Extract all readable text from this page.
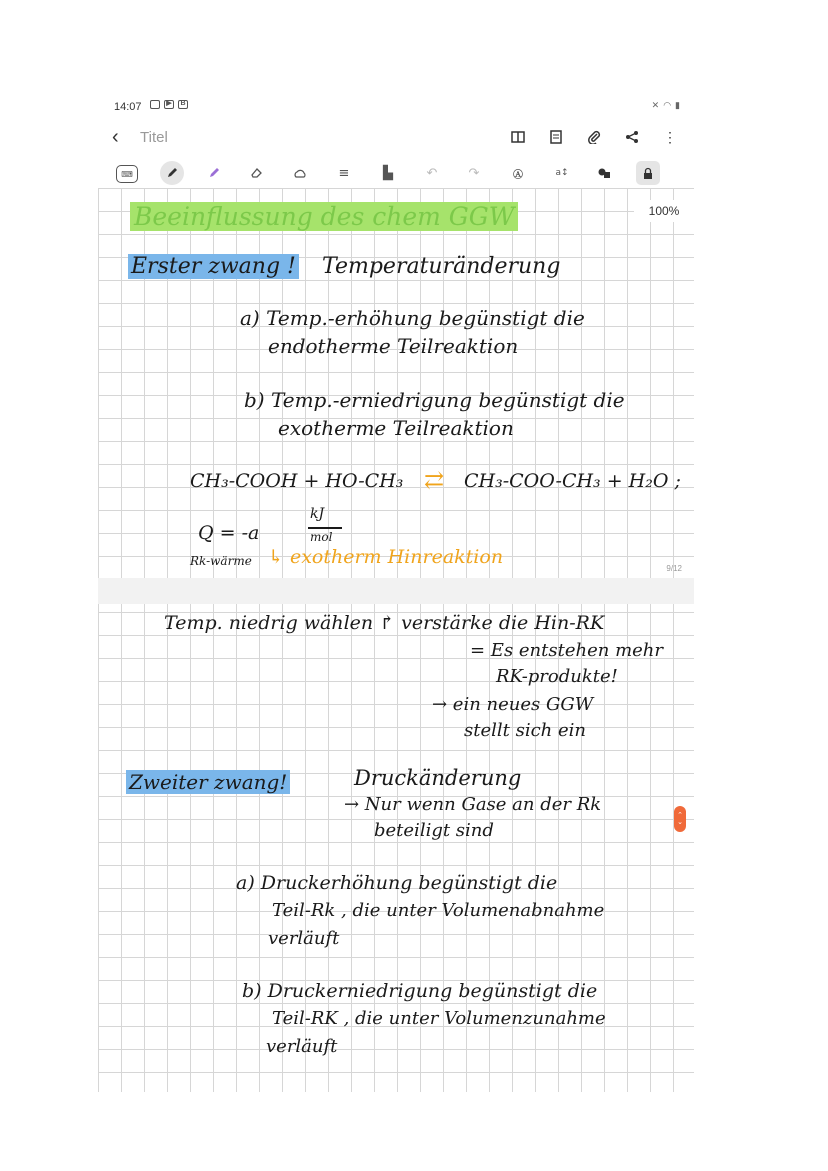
14:07	▶	B	✕ ◠ ▮
‹ Titel	⋮
⌨	≡	▙	↶	↷	Ⓐ	a↕
Beeinflussung des chem GGW
Erster zwang ! Temperaturänderung
a) Temp.-erhöhung begünstigt die
endotherme Teilreaktion
b) Temp.-erniedrigung begünstigt die
exotherme Teilreaktion
CH₃-COOH + HO-CH₃ ⇄ CH₃-COO-CH₃ + H₂O ;
Q = -a
kJ
mol
Rk-wärme ↳ exotherm Hinreaktion
100%
9/12
Temp. niedrig wählen ↱ verstärke die Hin-RK
= Es entstehen mehr
RK-produkte!
→ ein neues GGW
stellt sich ein
Zweiter zwang!	Druckänderung
→ Nur wenn Gase an der Rk
beteiligt sind
a) Druckerhöhung begünstigt die
Teil-Rk , die unter Volumenabnahme
verläuft
b) Druckerniedrigung begünstigt die
Teil-RK , die unter Volumenzunahme
verläuft
⌃
⌄
